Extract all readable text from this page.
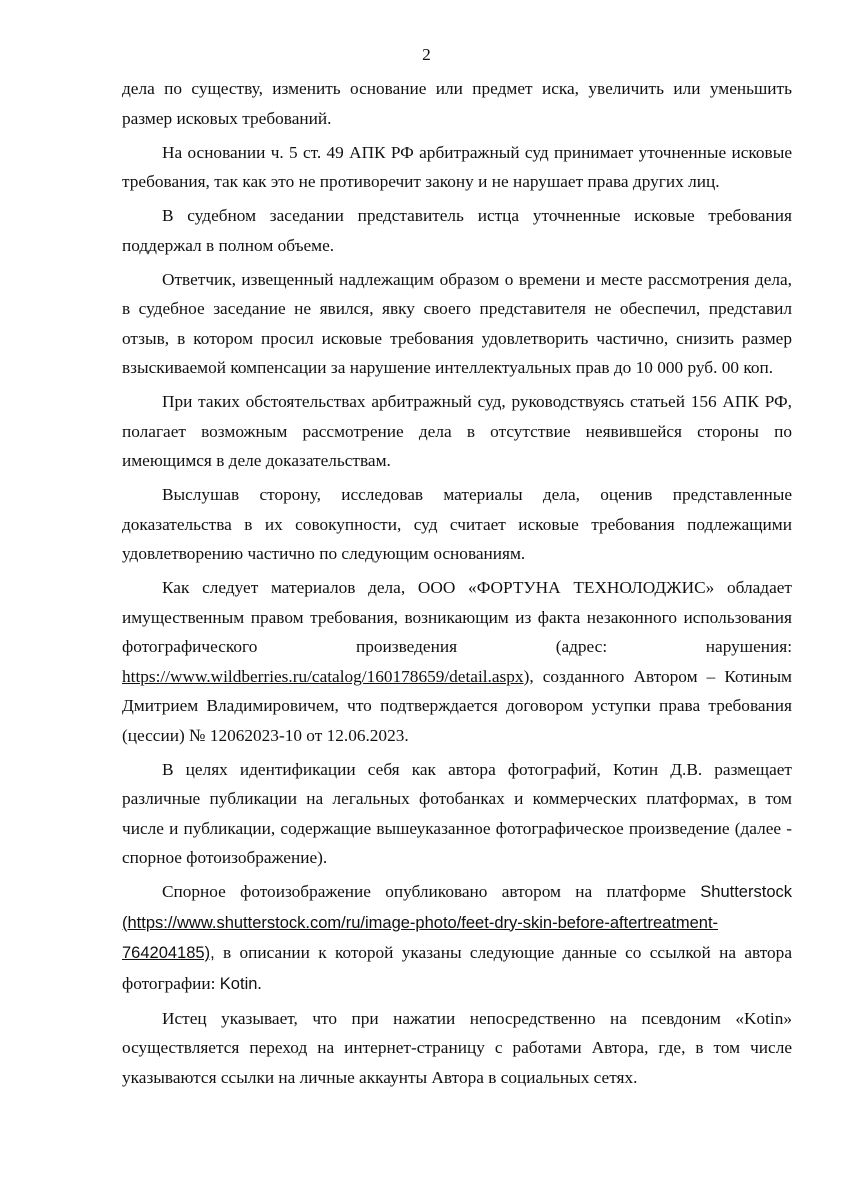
2

дела по существу, изменить основание или предмет иска, увеличить или уменьшить размер исковых требований.

На основании ч. 5 ст. 49 АПК РФ арбитражный суд принимает уточненные исковые требования, так как это не противоречит закону и не нарушает права других лиц.

В судебном заседании представитель истца уточненные исковые требования поддержал в полном объеме.

Ответчик, извещенный надлежащим образом о времени и месте рассмотрения дела, в судебное заседание не явился, явку своего представителя не обеспечил, представил отзыв, в котором просил исковые требования удовлетворить частично, снизить размер взыскиваемой компенсации за нарушение интеллектуальных прав до 10 000 руб. 00 коп.

При таких обстоятельствах арбитражный суд, руководствуясь статьей 156 АПК РФ, полагает возможным рассмотрение дела в отсутствие неявившейся стороны по имеющимся в деле доказательствам.

Выслушав сторону, исследовав материалы дела, оценив представленные доказательства в их совокупности, суд считает исковые требования подлежащими удовлетворению частично по следующим основаниям.

Как следует материалов дела, ООО «ФОРТУНА ТЕХНОЛОДЖИС» обладает имущественным правом требования, возникающим из факта незаконного использования фотографического произведения (адрес: нарушения: https://www.wildberries.ru/catalog/160178659/detail.aspx), созданного Автором – Котиным Дмитрием Владимировичем, что подтверждается договором уступки права требования (цессии) № 12062023-10 от 12.06.2023.

В целях идентификации себя как автора фотографий, Котин Д.В. размещает различные публикации на легальных фотобанках и коммерческих платформах, в том числе и публикации, содержащие вышеуказанное фотографическое произведение (далее - спорное фотоизображение).

Спорное фотоизображение опубликовано автором на платформе Shutterstock (https://www.shutterstock.com/ru/image-photo/feet-dry-skin-before-aftertreatment-764204185), в описании к которой указаны следующие данные со ссылкой на автора фотографии: Kotin.

Истец указывает, что при нажатии непосредственно на псевдоним «Kotin» осуществляется переход на интернет-страницу с работами Автора, где, в том числе указываются ссылки на личные аккаунты Автора в социальных сетях.
